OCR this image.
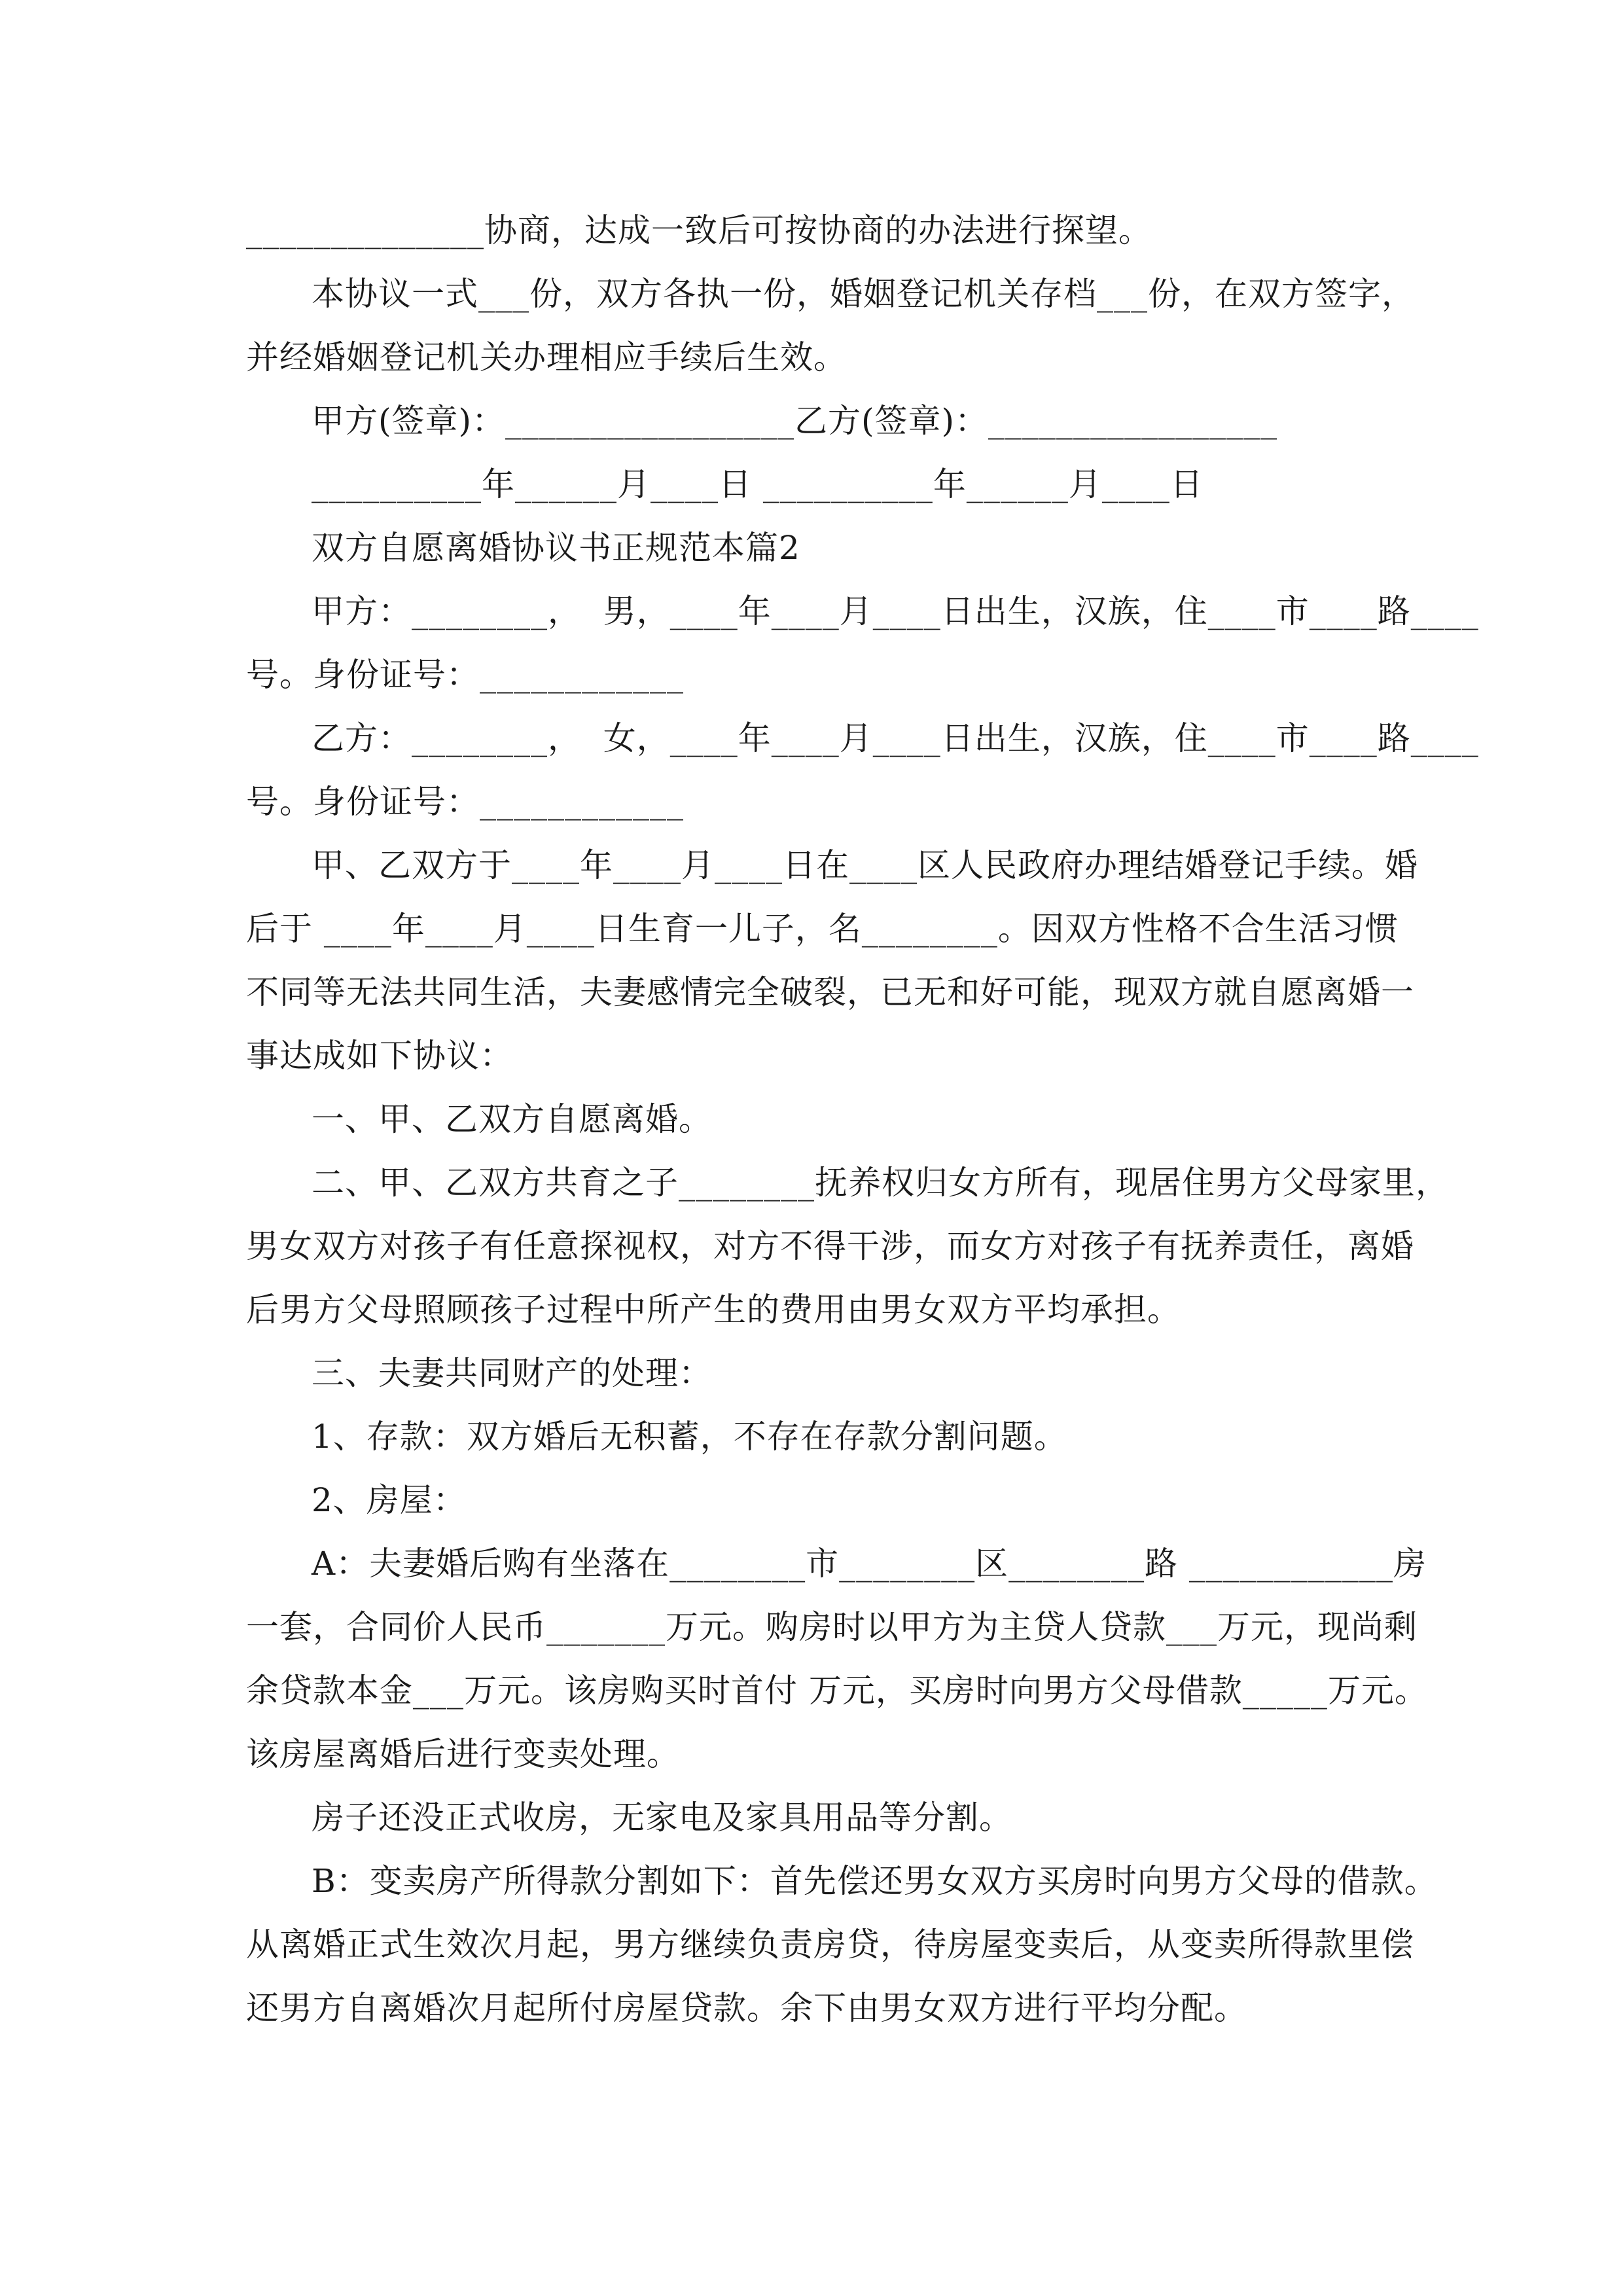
______________协商，达成一致后可按协商的办法进行探望。
本协议一式___份，双方各执一份，婚姻登记机关存档___份，在双方签字，
并经婚姻登记机关办理相应手续后生效。
甲方(签章)：_________________乙方(签章)：_________________
__________年______月____日 __________年______月____日
双方自愿离婚协议书正规范本篇2
甲方：________，  男，____年____月____日出生，汉族，住____市____路____
号。身份证号：____________
乙方：________，  女，____年____月____日出生，汉族，住____市____路____
号。身份证号：____________
甲、乙双方于____年____月____日在____区人民政府办理结婚登记手续。婚
后于 ____年____月____日生育一儿子，名________。因双方性格不合生活习惯
不同等无法共同生活，夫妻感情完全破裂，已无和好可能，现双方就自愿离婚一
事达成如下协议：
一、甲、乙双方自愿离婚。
二、甲、乙双方共育之子________抚养权归女方所有，现居住男方父母家里，
男女双方对孩子有任意探视权，对方不得干涉，而女方对孩子有抚养责任，离婚
后男方父母照顾孩子过程中所产生的费用由男女双方平均承担。
三、夫妻共同财产的处理：
1、存款：双方婚后无积蓄，不存在存款分割问题。
2、房屋：
A：夫妻婚后购有坐落在________市________区________路 ____________房
一套，合同价人民币_______万元。购房时以甲方为主贷人贷款___万元，现尚剩
余贷款本金___万元。该房购买时首付 万元，买房时向男方父母借款_____万元。
该房屋离婚后进行变卖处理。
房子还没正式收房，无家电及家具用品等分割。
B：变卖房产所得款分割如下：首先偿还男女双方买房时向男方父母的借款。
从离婚正式生效次月起，男方继续负责房贷，待房屋变卖后，从变卖所得款里偿
还男方自离婚次月起所付房屋贷款。余下由男女双方进行平均分配。
